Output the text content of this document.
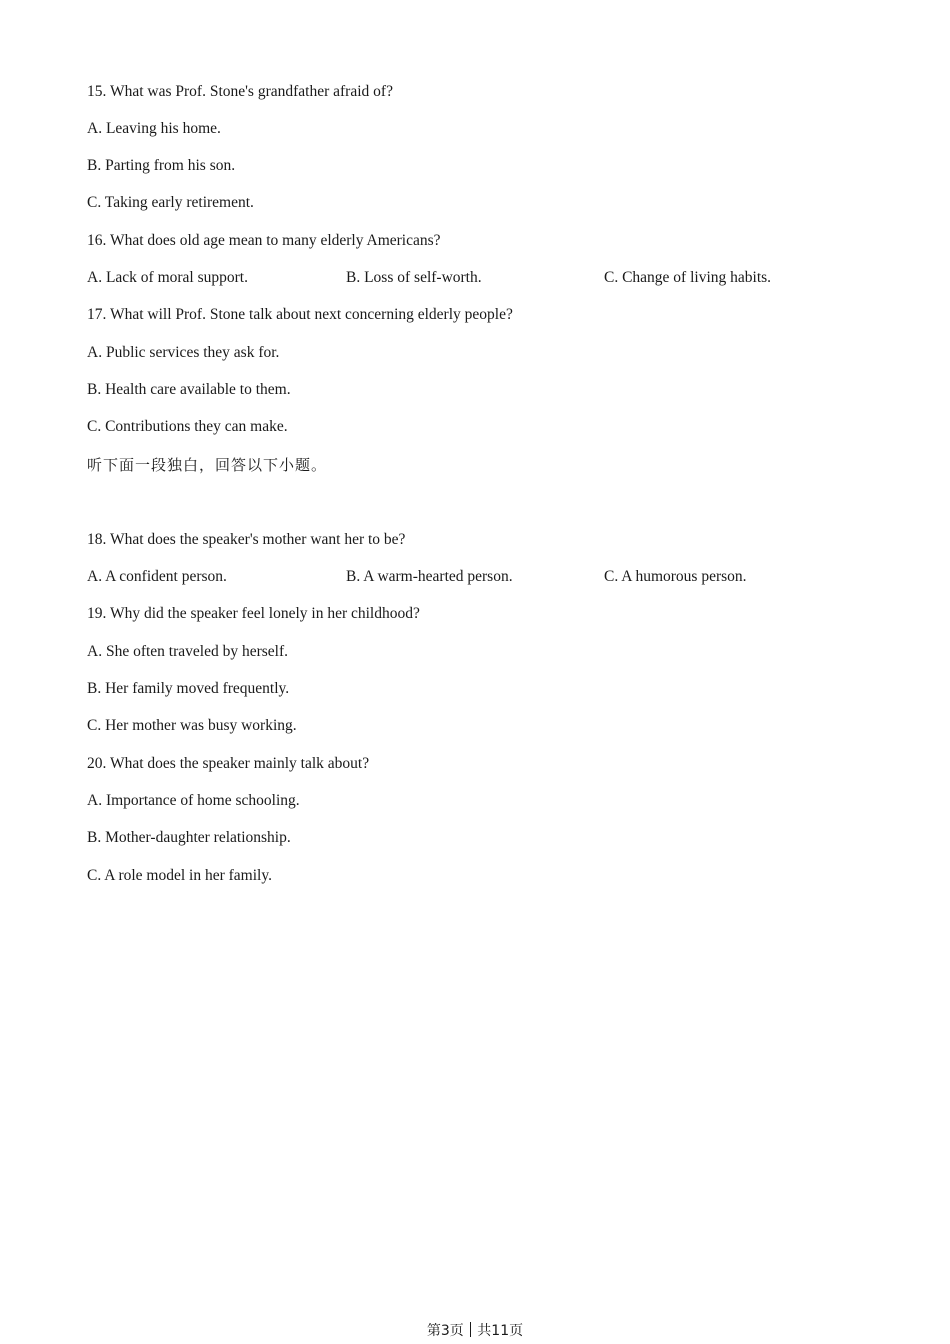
15. What was Prof. Stone's grandfather afraid of?
A. Leaving his home.
B. Parting from his son.
C. Taking early retirement.
16. What does old age mean to many elderly Americans?
A. Lack of moral support.	B. Loss of self-worth.	C. Change of living habits.
17. What will Prof. Stone talk about next concerning elderly people?
A. Public services they ask for.
B. Health care available to them.
C. Contributions they can make.
听下面一段独白，回答以下小题。
18. What does the speaker's mother want her to be?
A. A confident person.	B. A warm-hearted person.	C. A humorous person.
19. Why did the speaker feel lonely in her childhood?
A. She often traveled by herself.
B. Her family moved frequently.
C. Her mother was busy working.
20. What does the speaker mainly talk about?
A. Importance of home schooling.
B. Mother-daughter relationship.
C. A role model in her family.
第3页 共11页
